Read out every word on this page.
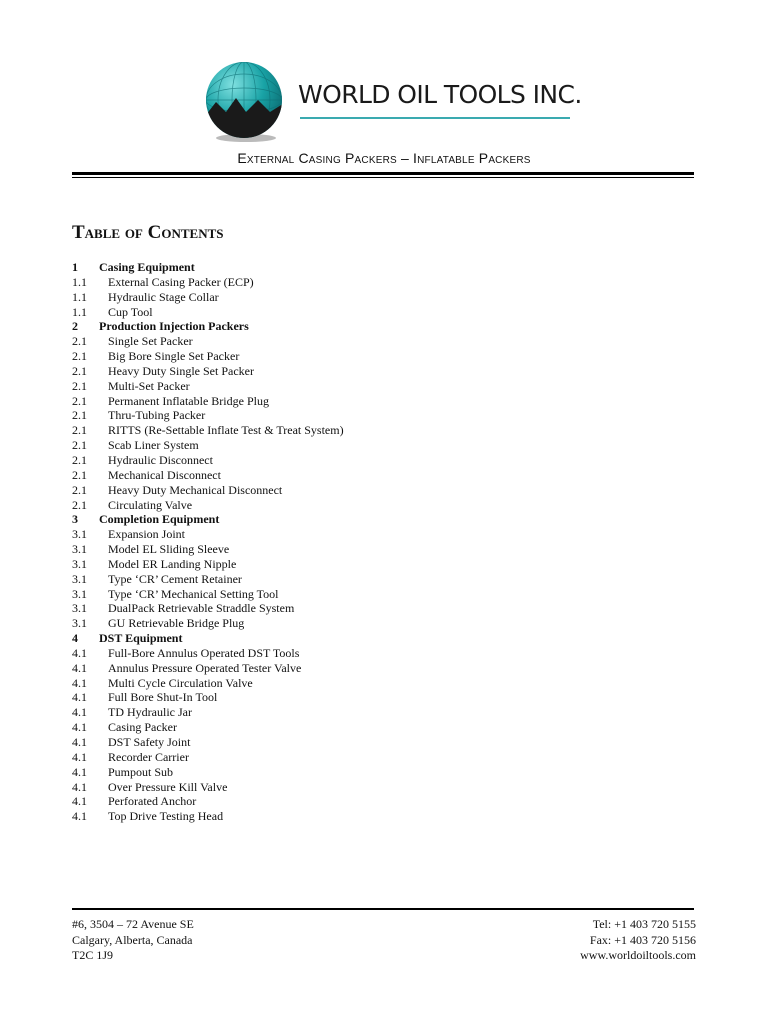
WORLD OIL TOOLS INC.
External Casing Packers – Inflatable Packers
Table of Contents
1 Casing Equipment
1.1 External Casing Packer (ECP)
1.1 Hydraulic Stage Collar
1.1 Cup Tool
2 Production Injection Packers
2.1 Single Set Packer
2.1 Big Bore Single Set Packer
2.1 Heavy Duty Single Set Packer
2.1 Multi-Set Packer
2.1 Permanent Inflatable Bridge Plug
2.1 Thru-Tubing Packer
2.1 RITTS (Re-Settable Inflate Test & Treat System)
2.1 Scab Liner System
2.1 Hydraulic Disconnect
2.1 Mechanical Disconnect
2.1 Heavy Duty Mechanical Disconnect
2.1 Circulating Valve
3 Completion Equipment
3.1 Expansion Joint
3.1 Model EL Sliding Sleeve
3.1 Model ER Landing Nipple
3.1 Type ‘CR’ Cement Retainer
3.1 Type ‘CR’ Mechanical Setting Tool
3.1 DualPack Retrievable Straddle System
3.1 GU Retrievable Bridge Plug
4 DST Equipment
4.1 Full-Bore Annulus Operated DST Tools
4.1 Annulus Pressure Operated Tester Valve
4.1 Multi Cycle Circulation Valve
4.1 Full Bore Shut-In Tool
4.1 TD Hydraulic Jar
4.1 Casing Packer
4.1 DST Safety Joint
4.1 Recorder Carrier
4.1 Pumpout Sub
4.1 Over Pressure Kill Valve
4.1 Perforated Anchor
4.1 Top Drive Testing Head
#6, 3504 – 72 Avenue SE
Calgary, Alberta, Canada
T2C 1J9
Tel: +1 403 720 5155
Fax: +1 403 720 5156
www.worldoiltools.com
